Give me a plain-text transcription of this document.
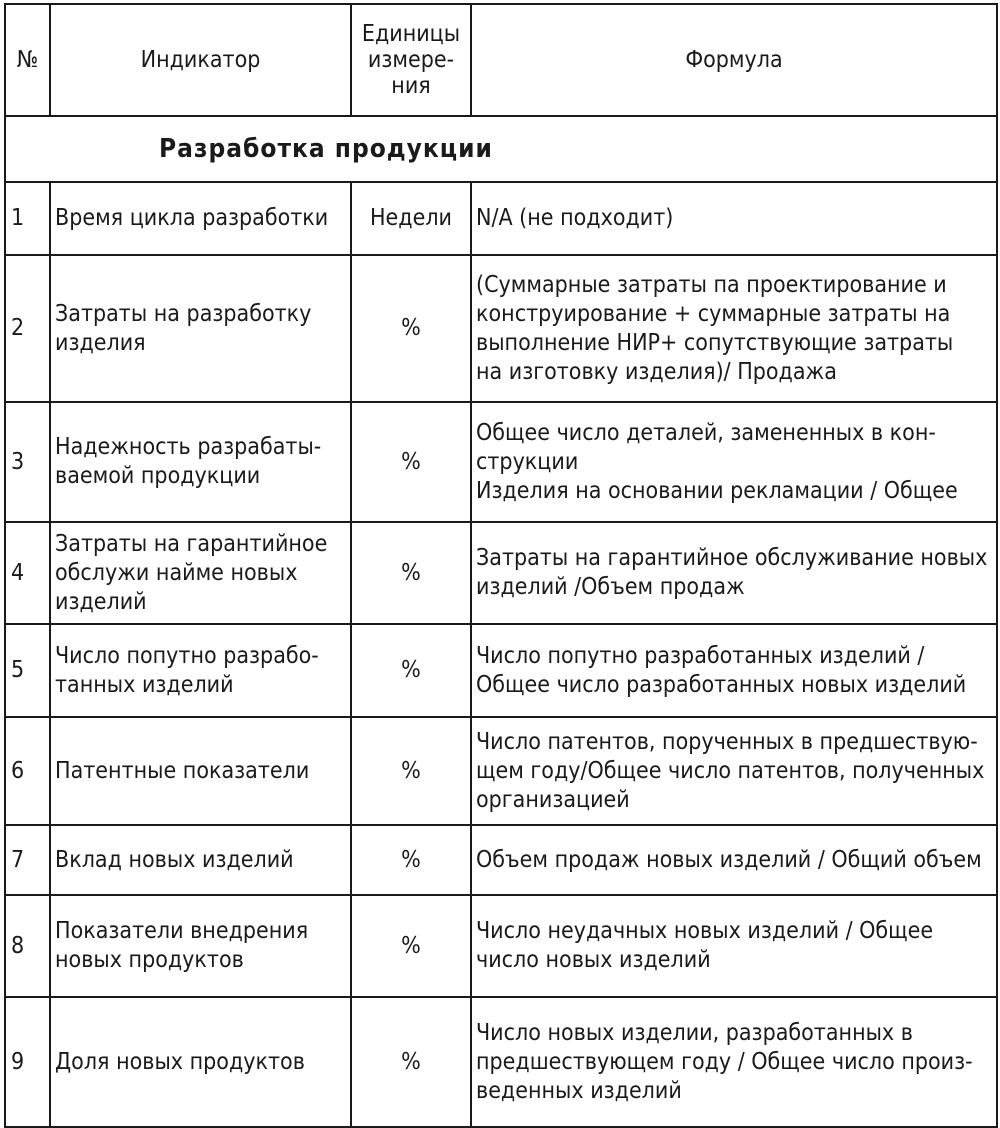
№	Индикатор	Единицы
измере-
ния	Формула
Разработка продукции			
1	Время цикла разработки	Недели	N/A (не подходит)
2	Затраты на разработку
изделия	%	(Суммарные затраты па проектирование и
конструирование + суммарные затраты на
выполнение НИР+ сопутствующие затраты
на изготовку изделия)/ Продажа
3	Надежность разрабаты-
ваемой продукции	%	Общее число деталей, замененных в кон-
струкции
Изделия на основании рекламации / Общее
4	Затраты на гарантийное
обслужи найме новых
изделий	%	Затраты на гарантийное обслуживание новых
изделий /Объем продаж
5	Число попутно разрабо-
танных изделий	%	Число попутно разработанных изделий /
Общее число разработанных новых изделий
6	Патентные показатели	%	Число патентов, порученных в предшествую-
щем году/Общее число патентов, полученных
организацией
7	Вклад новых изделий	%	Объем продаж новых изделий / Общий объем
8	Показатели внедрения
новых продуктов	%	Число неудачных новых изделий / Общее
число новых изделий
9	Доля новых продуктов	%	Число новых изделии, разработанных в
предшествующем году / Общее число произ-
веденных изделий
